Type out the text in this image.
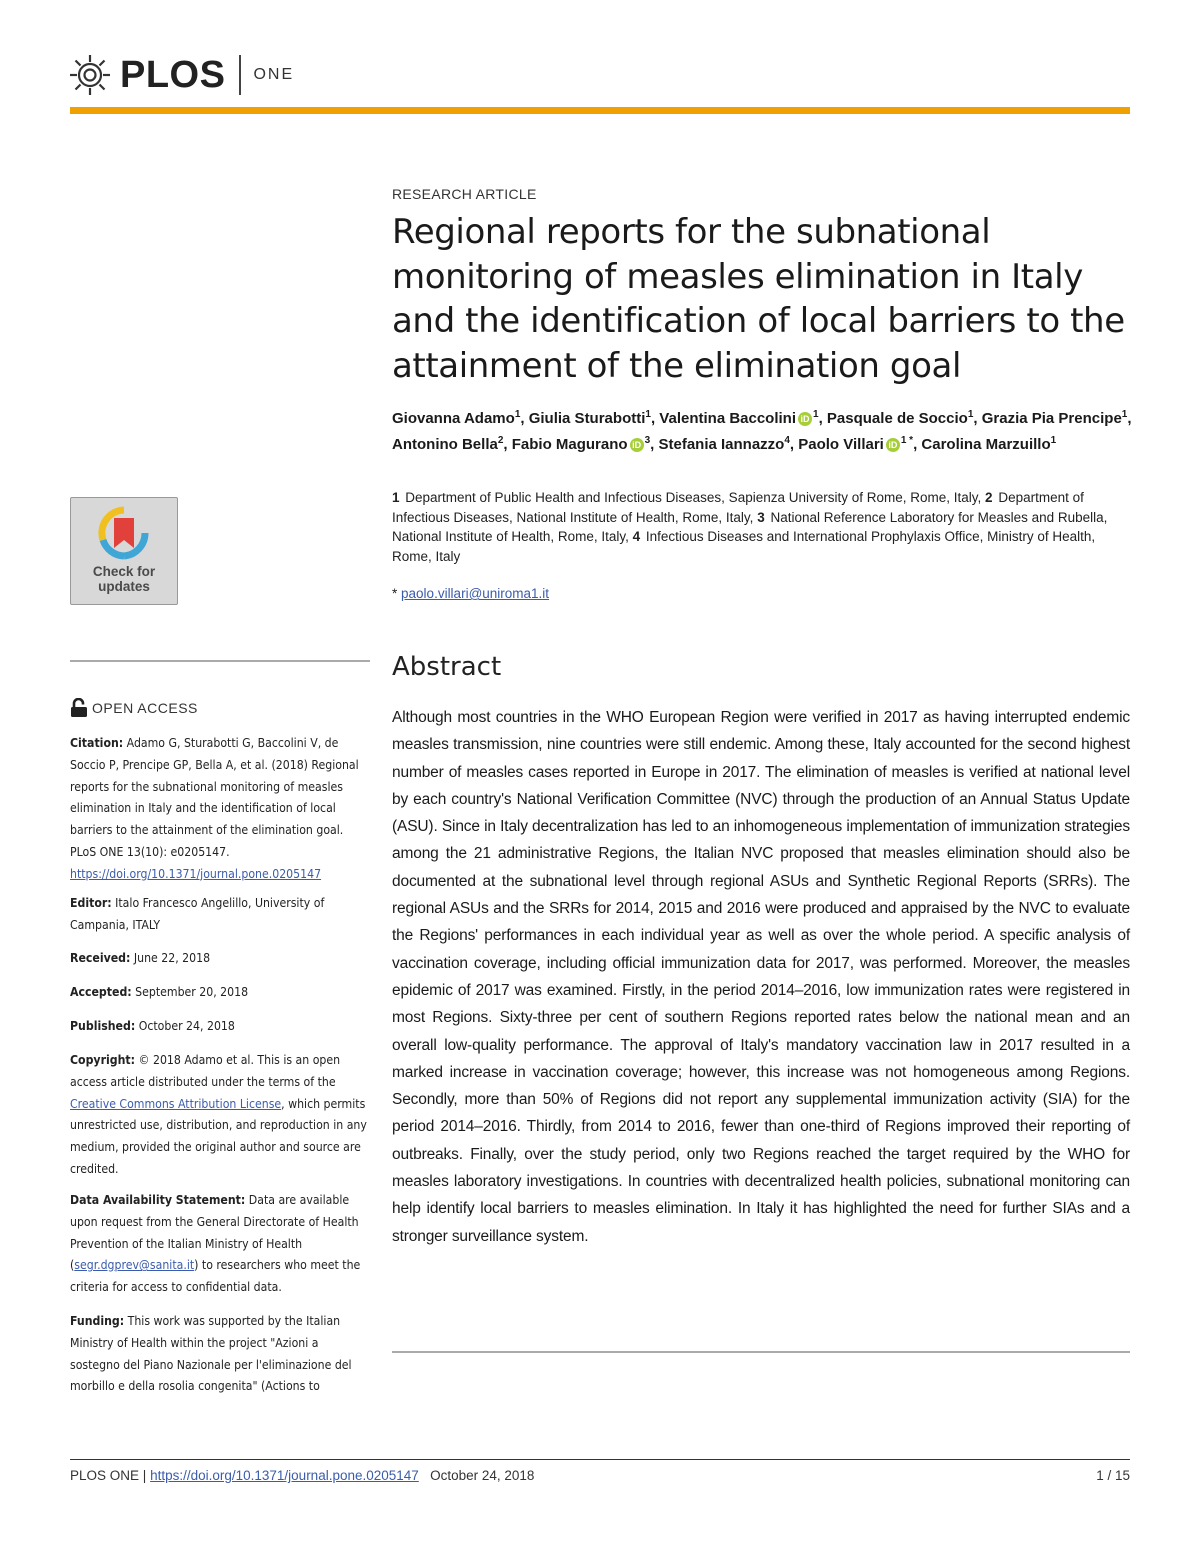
PLOS ONE
Check for
updates
OPEN ACCESS
Citation: Adamo G, Sturabotti G, Baccolini V, de Soccio P, Prencipe GP, Bella A, et al. (2018) Regional reports for the subnational monitoring of measles elimination in Italy and the identification of local barriers to the attainment of the elimination goal. PLoS ONE 13(10): e0205147. https://doi.org/10.1371/journal.pone.0205147
Editor: Italo Francesco Angelillo, University of Campania, ITALY
Received: June 22, 2018
Accepted: September 20, 2018
Published: October 24, 2018
Copyright: © 2018 Adamo et al. This is an open access article distributed under the terms of the Creative Commons Attribution License, which permits unrestricted use, distribution, and reproduction in any medium, provided the original author and source are credited.
Data Availability Statement: Data are available upon request from the General Directorate of Health Prevention of the Italian Ministry of Health (segr.dgprev@sanita.it) to researchers who meet the criteria for access to confidential data.
Funding: This work was supported by the Italian Ministry of Health within the project "Azioni a sostegno del Piano Nazionale per l'eliminazione del morbillo e della rosolia congenita" (Actions to
RESEARCH ARTICLE
Regional reports for the subnational monitoring of measles elimination in Italy and the identification of local barriers to the attainment of the elimination goal
Giovanna Adamo$^1$, Giulia Sturabotti$^1$, Valentina Baccolini iD $^1$, Pasquale de Soccio$^1$, Grazia Pia Prencipe$^1$, Antonino Bella$^2$, Fabio Magurano iD $^3$, Stefania Iannazzo$^4$, Paolo Villari iD $^{1 *}$, Carolina Marzuillo$^1$
1 Department of Public Health and Infectious Diseases, Sapienza University of Rome, Rome, Italy, 2 Department of Infectious Diseases, National Institute of Health, Rome, Italy, 3 National Reference Laboratory for Measles and Rubella, National Institute of Health, Rome, Italy, 4 Infectious Diseases and International Prophylaxis Office, Ministry of Health, Rome, Italy
* paolo.villari@uniroma1.it
Abstract
Although most countries in the WHO European Region were verified in 2017 as having interrupted endemic measles transmission, nine countries were still endemic. Among these, Italy accounted for the second highest number of measles cases reported in Europe in 2017. The elimination of measles is verified at national level by each country's National Verification Committee (NVC) through the production of an Annual Status Update (ASU). Since in Italy decentralization has led to an inhomogeneous implementation of immunization strategies among the 21 administrative Regions, the Italian NVC proposed that measles elimination should also be documented at the subnational level through regional ASUs and Synthetic Regional Reports (SRRs). The regional ASUs and the SRRs for 2014, 2015 and 2016 were produced and appraised by the NVC to evaluate the Regions' performances in each individual year as well as over the whole period. A specific analysis of vaccination coverage, including official immunization data for 2017, was performed. Moreover, the measles epidemic of 2017 was examined. Firstly, in the period 2014–2016, low immunization rates were registered in most Regions. Sixty-three per cent of southern Regions reported rates below the national mean and an overall low-quality performance. The approval of Italy's mandatory vaccination law in 2017 resulted in a marked increase in vaccination coverage; however, this increase was not homogeneous among Regions. Secondly, more than 50% of Regions did not report any supplemental immunization activity (SIA) for the period 2014–2016. Thirdly, from 2014 to 2016, fewer than one-third of Regions improved their reporting of outbreaks. Finally, over the study period, only two Regions reached the target required by the WHO for measles laboratory investigations. In countries with decentralized health policies, subnational monitoring can help identify local barriers to measles elimination. In Italy it has highlighted the need for further SIAs and a stronger surveillance system.
PLOS ONE | https://doi.org/10.1371/journal.pone.0205147 October 24, 2018	1 / 15
